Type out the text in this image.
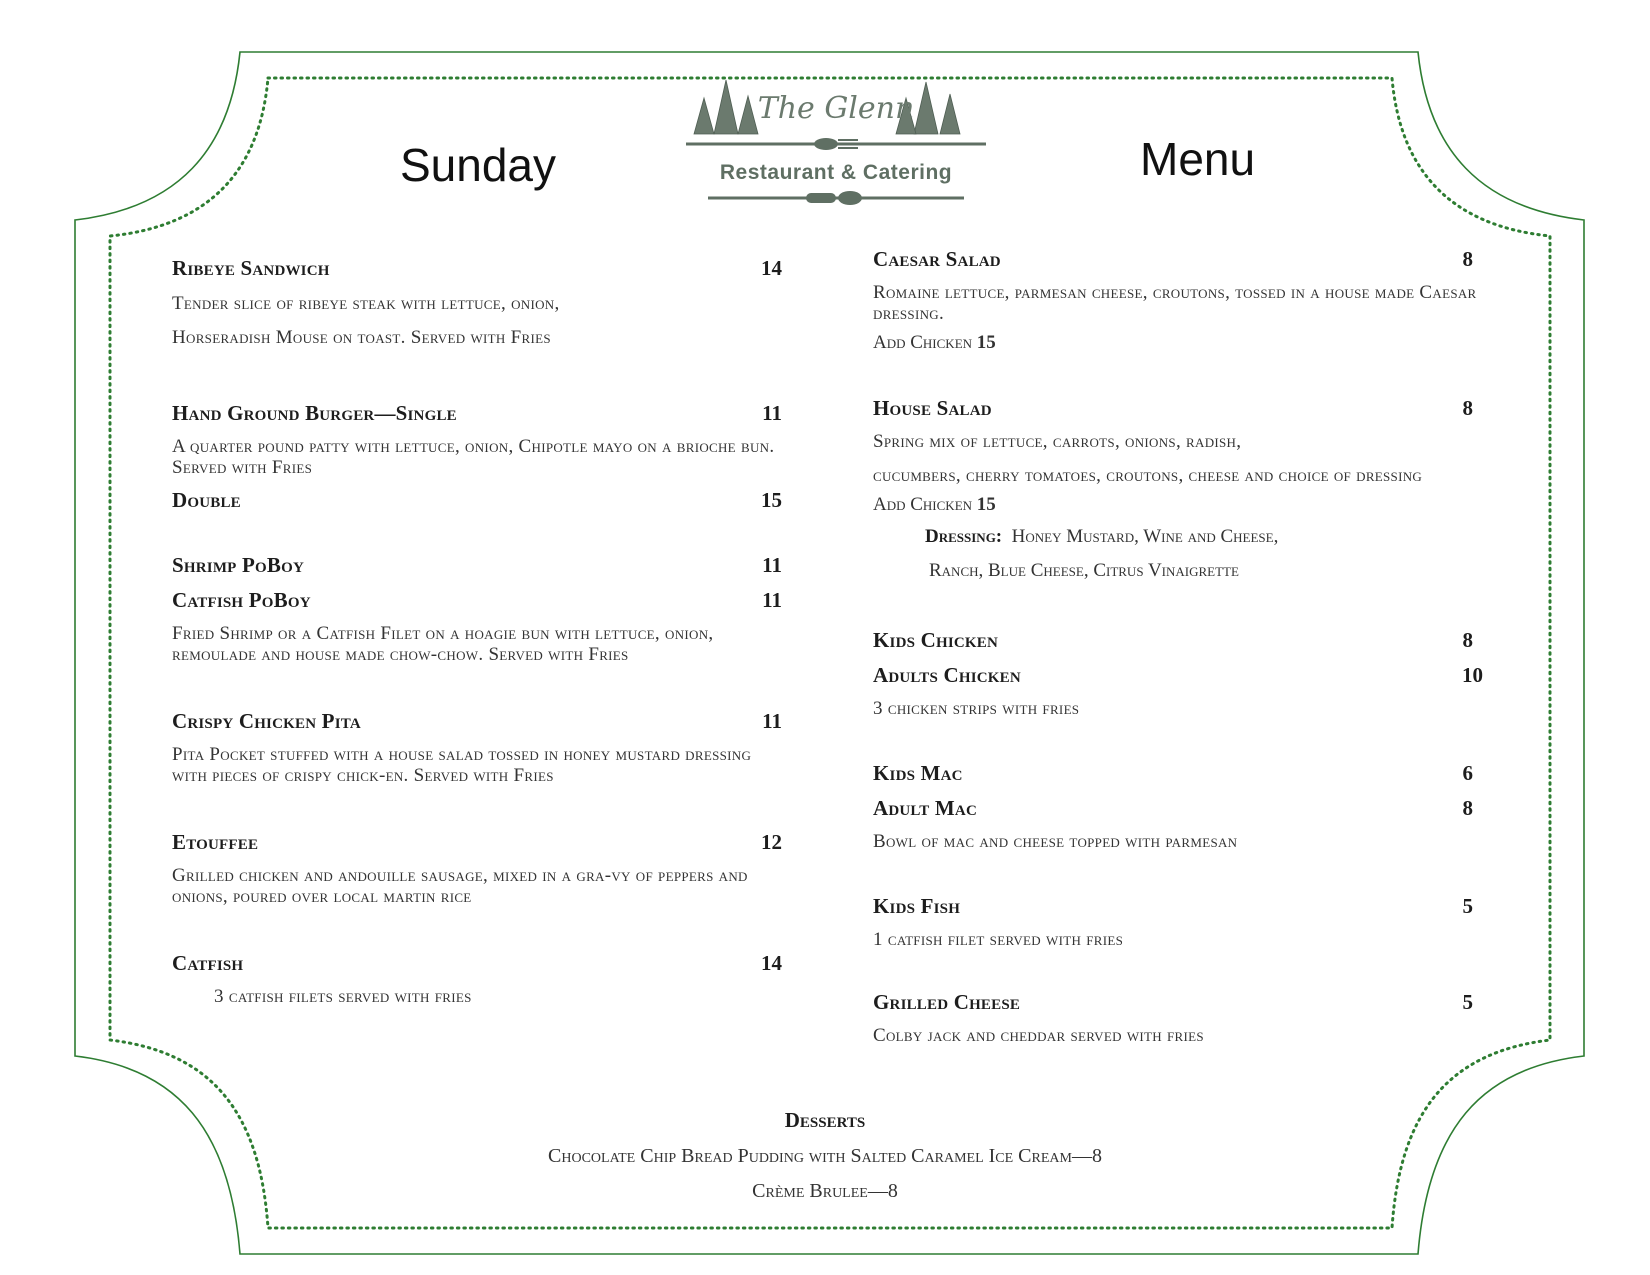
Sunday	Menu
The Glenn
Restaurant & Catering
Ribeye Sandwich	14
Tender slice of ribeye steak with lettuce, onion,
Horseradish Mouse on toast. Served with Fries
Hand Ground Burger—Single	11
A quarter pound patty with lettuce, onion, Chipotle mayo on a brioche bun. Served with Fries
Double	15
Shrimp PoBoy	11
Catfish PoBoy	11
Fried Shrimp or a Catfish Filet on a hoagie bun with lettuce, onion, remoulade and house made chow-chow. Served with Fries
Crispy Chicken Pita	11
Pita Pocket stuffed with a house salad tossed in honey mustard dressing with pieces of crispy chick-en. Served with Fries
Etouffee	12
Grilled chicken and andouille sausage, mixed in a gra-vy of peppers and onions, poured over local martin rice
Catfish	14
3 catfish filets served with fries
Caesar Salad	8
Romaine lettuce, parmesan cheese, croutons, tossed in a house made Caesar dressing.
Add Chicken 15
House Salad	8
Spring mix of lettuce, carrots, onions, radish,
cucumbers, cherry tomatoes, croutons, cheese and choice of dressing
Add Chicken 15
Dressing: Honey Mustard, Wine and Cheese,
Ranch, Blue Cheese, Citrus Vinaigrette
Kids Chicken	8
Adults Chicken	10
3 chicken strips with fries
Kids Mac	6
Adult Mac	8
Bowl of mac and cheese topped with parmesan
Kids Fish	5
1 catfish filet served with fries
Grilled Cheese	5
Colby jack and cheddar served with fries
Desserts
Chocolate Chip Bread Pudding with Salted Caramel Ice Cream—8
Crème Brulee—8
